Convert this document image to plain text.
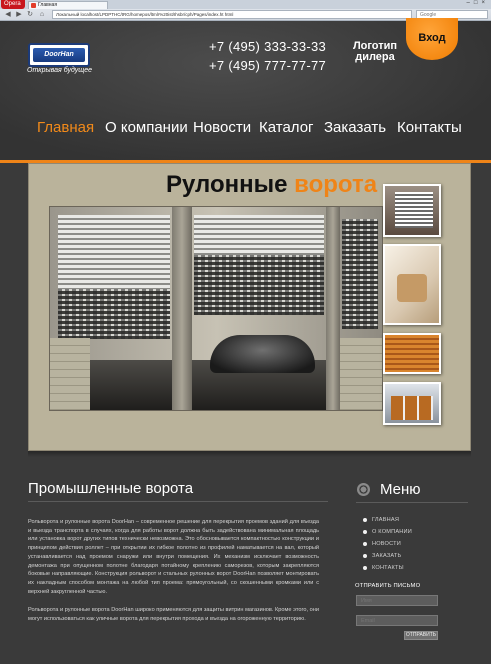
Opera	Главная	–□×
◀ ▶ ↻ ⌂	Локальный localhost/LPDPTHC/tRG/homepos/ltmlr%20ist/Ihsbr/cph/Pages/index.ht html	Google
DoorHan
Открывая будущее
+7 (495) 333-33-33
+7 (495) 777-77-77
Логотип дилера
Вход
Главная О компании Новости Каталог Заказать Контакты
Рулонные ворота
Промышленные ворота

Рольворота и рулонные ворота DoorHan – современное решение для перекрытия проемов зданий для въезда и выезда транспорта в случаях, когда для работы ворот должна быть задействована минимальная площадь или установка ворот других типов технически невозможна. Это обосновывается компактностью конструкции и принципом действия роллет – при открытии их гибкое полотно из профилей наматывается на вал, который устанавливается над проемом снаружи или внутри помещения. Их механизм исключает возможность демонтажа при опущенном полотне благодаря потайному креплению саморезов, которым закрепляются боковые направляющие. Конструкция рольворот и стальных рулонных ворот DoorHan позволяет монтировать их накладным способом монтажа на любой тип проема: прямоугольный, со скошенными кромками или с верхней закругленной частью.

Рольворота и рулонные ворота DoorHan широко применяются для защиты витрин магазинов. Кроме этого, они могут использоваться как уличные ворота для перекрытия прохода и въезда на огороженную территорию.

Меню
ГЛАВНАЯ
О КОМПАНИИ
НОВОСТИ
ЗАКАЗАТЬ
КОНТАКТЫ
ОТПРАВИТЬ ПИСЬМО
Имя
Email
ОТПРАВИТЬ
